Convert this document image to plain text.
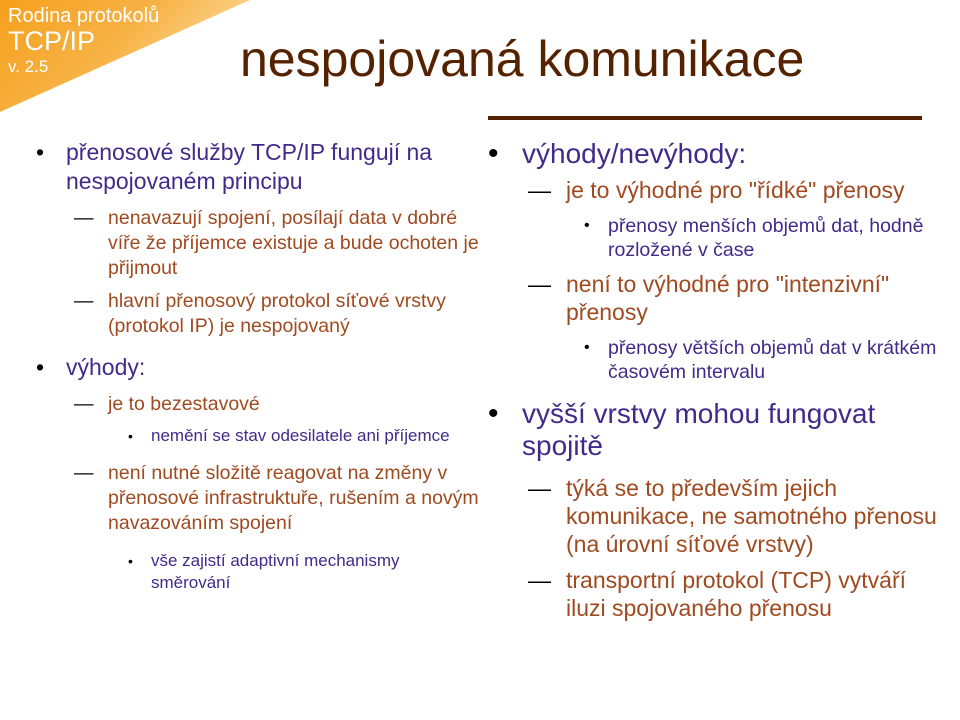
Rodina protokolů
TCP/IP
v. 2.5	nespojovaná komunikace
• přenosové služby TCP/IP fungují na nespojovaném principu
— nenavazují spojení, posílají data v dobré víře že příjemce existuje a bude ochoten je přijmout
— hlavní přenosový protokol síťové vrstvy (protokol IP) je nespojovaný
• výhody:
— je to bezestavové
• nemění se stav odesilatele ani příjemce
— není nutné složitě reagovat na změny v přenosové infrastruktuře, rušením a novým navazováním spojení
• vše zajistí adaptivní mechanismy směrování
• výhody/nevýhody:
— je to výhodné pro "řídké" přenosy
• přenosy menších objemů dat, hodně rozložené v čase
— není to výhodné pro "intenzivní" přenosy
• přenosy větších objemů dat v krátkém časovém intervalu
• vyšší vrstvy mohou fungovat spojitě
— týká se to především jejich komunikace, ne samotného přenosu (na úrovní síťové vrstvy)
— transportní protokol (TCP) vytváří iluzi spojovaného přenosu
